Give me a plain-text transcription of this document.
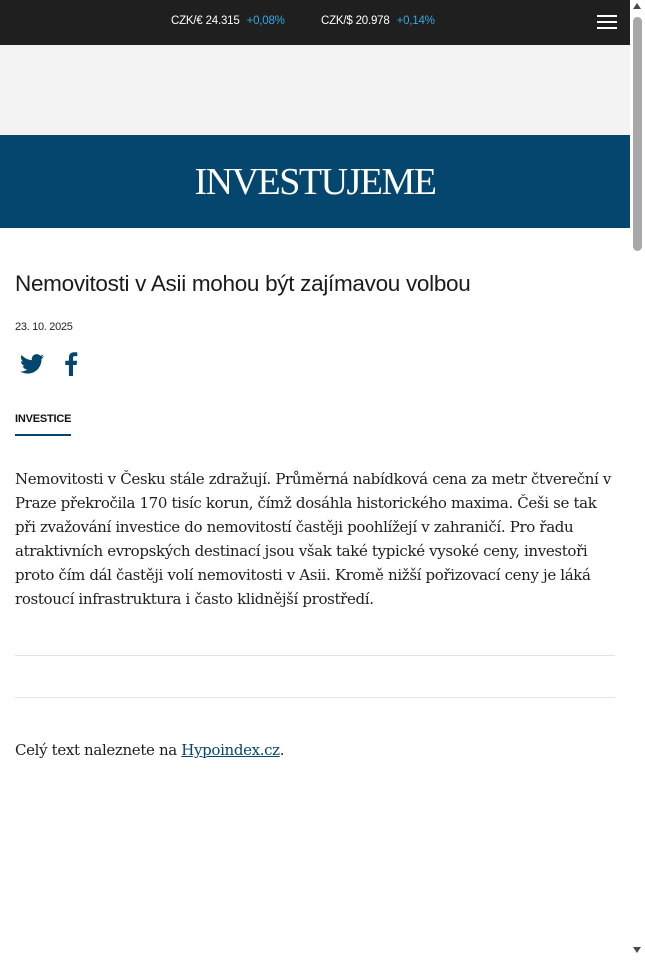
CZK/€ 24.315 +0,08%	CZK/$ 20.978 +0,14%
INVESTUJEME
Nemovitosti v Asii mohou být zajímavou volbou
23. 10. 2025
INVESTICE

Nemovitosti v Česku stále zdražují. Průměrná nabídková cena za metr čtvereční v Praze překročila 170 tisíc korun, čímž dosáhla historického maxima. Češi se tak při zvažování investice do nemovitostí častěji poohlížejí v zahraničí. Pro řadu atraktivních evropských destinací jsou však také typické vysoké ceny, investoři proto čím dál častěji volí nemovitosti v Asii. Kromě nižší pořizovací ceny je láká rostoucí infrastruktura i často klidnější prostředí.

Celý text naleznete na Hypoindex.cz.
